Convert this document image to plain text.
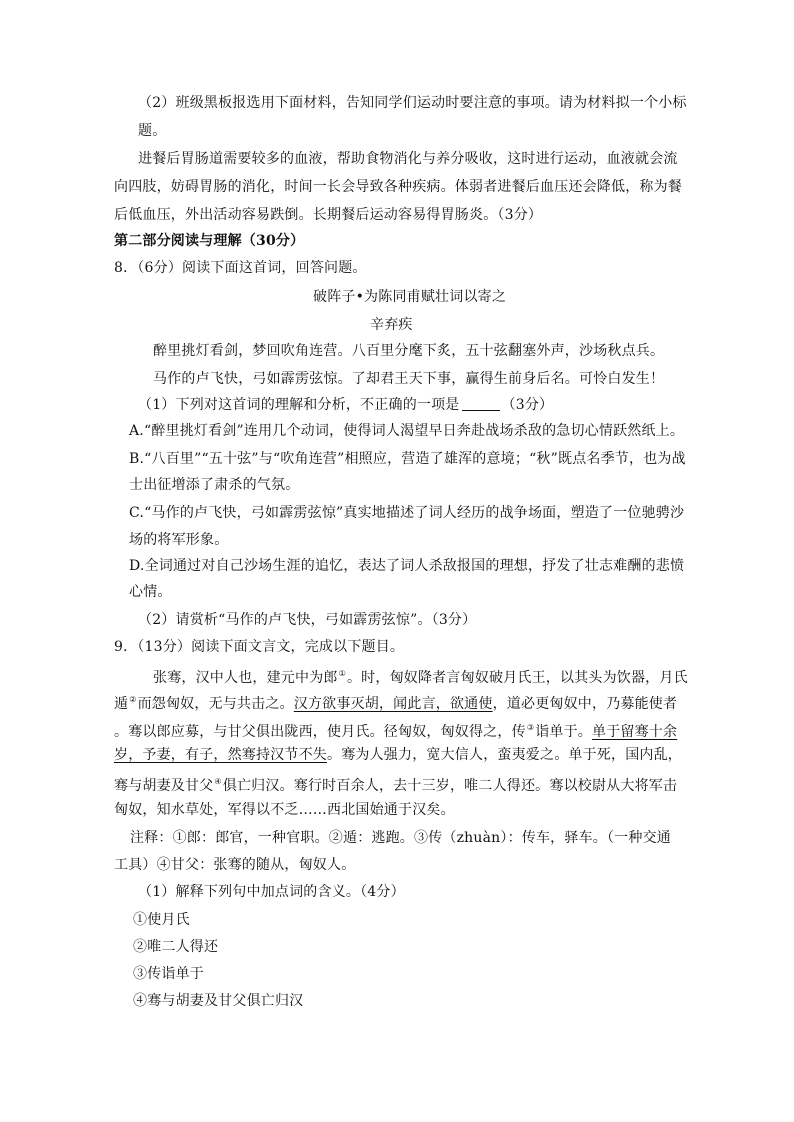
（2）班级黑板报选用下面材料，告知同学们运动时要注意的事项。请为材料拟一个小标
题。
进餐后胃肠道需要较多的血液，帮助食物消化与养分吸收，这时进行运动，血液就会流
向四肢，妨碍胃肠的消化，时间一长会导致各种疾病。体弱者进餐后血压还会降低，称为餐
后低血压，外出活动容易跌倒。长期餐后运动容易得胃肠炎。（3分）
第二部分阅读与理解（30分）
8．（6分）阅读下面这首词，回答问题。
破阵子•为陈同甫赋壮词以寄之
辛弃疾
醉里挑灯看剑，梦回吹角连营。八百里分麾下炙，五十弦翻塞外声，沙场秋点兵。
马作的卢飞快，弓如霹雳弦惊。了却君王天下事，赢得生前身后名。可怜白发生！
（1）下列对这首词的理解和分析，不正确的一项是	（3分）
A.“醉里挑灯看剑”连用几个动词，使得词人渴望早日奔赴战场杀敌的急切心情跃然纸上。
B.“八百里”“五十弦”与“吹角连营”相照应，营造了雄浑的意境；“秋”既点名季节，也为战
士出征增添了肃杀的气氛。
C.“马作的卢飞快，弓如霹雳弦惊”真实地描述了词人经历的战争场面，塑造了一位驰骋沙
场的将军形象。
D.全词通过对自己沙场生涯的追忆，表达了词人杀敌报国的理想，抒发了壮志难酬的悲愤
心情。
（2）请赏析“马作的卢飞快，弓如霹雳弦惊”。（3分）
9．（13分）阅读下面文言文，完成以下题目。
张骞，汉中人也，建元中为郎①。时，匈奴降者言匈奴破月氏王，以其头为饮器，月氏
遁②而怨匈奴，无与共击之。汉方欲事灭胡，闻此言，欲通使，道必更匈奴中，乃募能使者
。骞以郎应募，与甘父俱出陇西，使月氏。径匈奴，匈奴得之，传③诣单于。单于留骞十余
岁，予妻，有子，然骞持汉节不失。骞为人强力，宽大信人，蛮夷爱之。单于死，国内乱，
骞与胡妻及甘父④俱亡归汉。骞行时百余人，去十三岁，唯二人得还。骞以校尉从大将军击
匈奴，知水草处，军得以不乏……西北国始通于汉矣。
注释：①郎：郎官，一种官职。②遁：逃跑。③传（zhuàn）：传车，驿车。（一种交通
工具）④甘父：张骞的随从，匈奴人。
（1）解释下列句中加点词的含义。（4分）
①使月氏
②唯二人得还
③传诣单于
④骞与胡妻及甘父俱亡归汉
